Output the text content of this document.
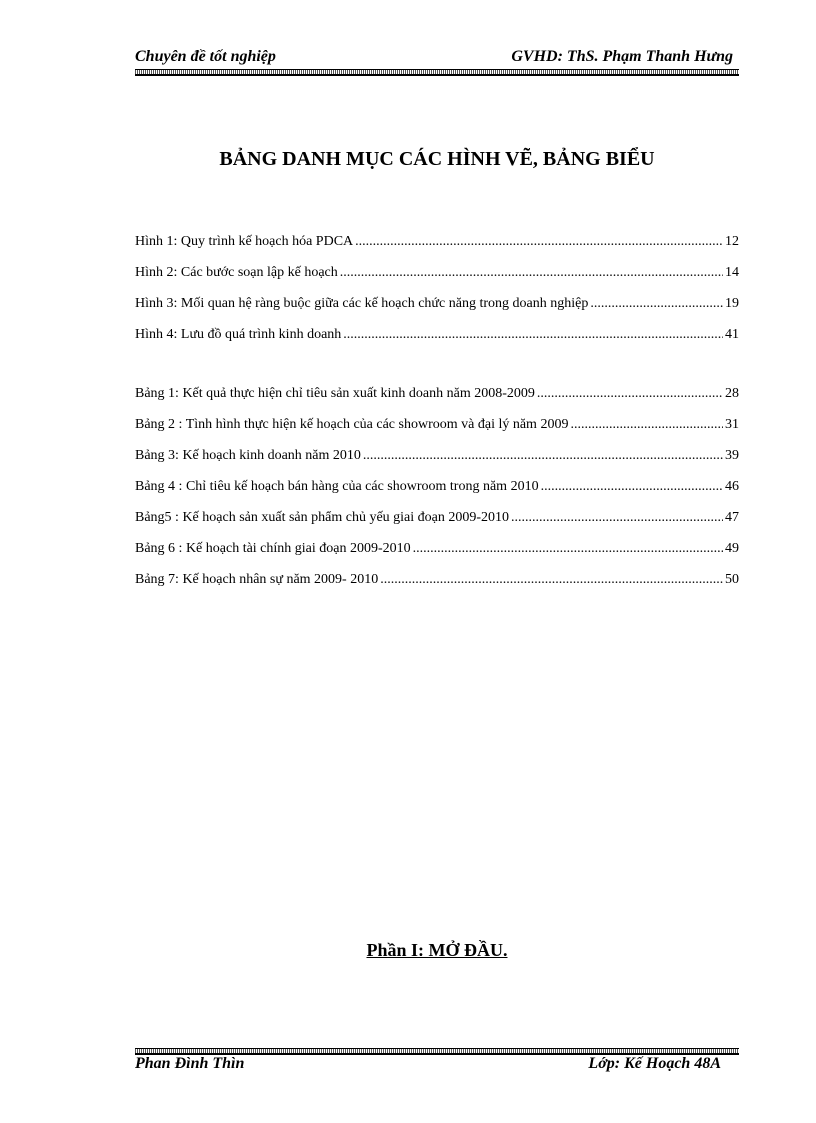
Chuyên đề tốt nghiệp	GVHD: ThS. Phạm Thanh Hưng
BẢNG DANH MỤC CÁC HÌNH VẼ, BẢNG BIỂU
Hình 1: Quy trình kế hoạch hóa PDCA .....	12
Hình 2: Các bước soạn lập kế hoạch .....	14
Hình 3: Mối quan hệ ràng buộc giữa các kế hoạch chức năng trong doanh nghiệp .....	19
Hình 4: Lưu đồ quá trình kinh doanh .....	41
Bảng 1: Kết quả thực hiện chỉ tiêu sản xuất kinh doanh năm 2008-2009 .....	28
Bảng 2 : Tình hình thực hiện kế hoạch của các showroom và đại lý năm 2009 .....	31
Bảng 3: Kế hoạch kinh doanh năm 2010 .....	39
Bảng 4 : Chỉ tiêu kế hoạch bán hàng của các showroom trong năm 2010 .....	46
Bảng5 : Kế hoạch sản xuất sản phẩm chủ yếu giai đoạn 2009-2010 .....	47
Bảng 6 : Kế hoạch tài chính giai đoạn 2009-2010 .....	49
Bảng 7: Kế hoạch nhân sự năm 2009- 2010 .....	50
Phần I: MỞ ĐẦU.
Phan Đình Thìn	Lớp: Kế Hoạch 48A
